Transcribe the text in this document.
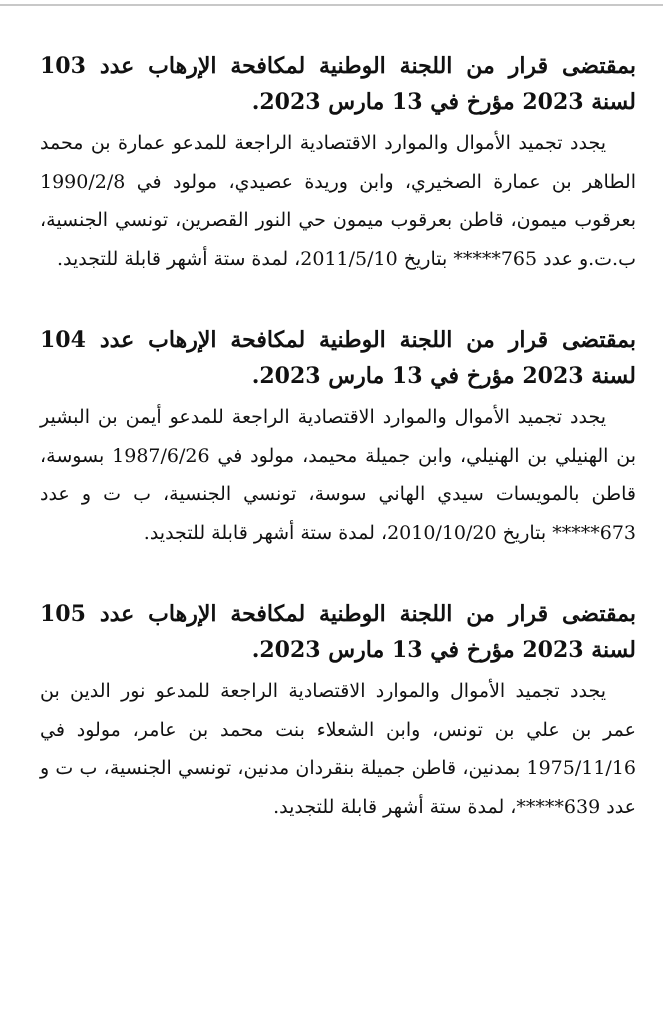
بمقتضى قرار من اللجنة الوطنية لمكافحة الإرهاب عدد 103 لسنة 2023 مؤرخ في 13 مارس 2023.

يجدد تجميد الأموال والموارد الاقتصادية الراجعة للمدعو عمارة بن محمد الطاهر بن عمارة الصخيري، وابن وريدة عصيدي، مولود في 1990/2/8 بعرقوب ميمون، قاطن بعرقوب ميمون حي النور القصرين، تونسي الجنسية، ب.ت.و عدد 765***** بتاريخ 2011/5/10، لمدة ستة أشهر قابلة للتجديد.

بمقتضى قرار من اللجنة الوطنية لمكافحة الإرهاب عدد 104 لسنة 2023 مؤرخ في 13 مارس 2023.

يجدد تجميد الأموال والموارد الاقتصادية الراجعة للمدعو أيمن بن البشير بن الهنيلي بن الهنيلي، وابن جميلة محيمد، مولود في 1987/6/26 بسوسة، قاطن بالمويسات سيدي الهاني سوسة، تونسي الجنسية، ب ت و عدد 673***** بتاريخ 2010/10/20، لمدة ستة أشهر قابلة للتجديد.

بمقتضى قرار من اللجنة الوطنية لمكافحة الإرهاب عدد 105 لسنة 2023 مؤرخ في 13 مارس 2023.

يجدد تجميد الأموال والموارد الاقتصادية الراجعة للمدعو نور الدين بن عمر بن علي بن تونس، وابن الشعلاء بنت محمد بن عامر، مولود في 1975/11/16 بمدنين، قاطن جميلة بنقردان مدنين، تونسي الجنسية، ب ت و عدد 639*****، لمدة ستة أشهر قابلة للتجديد.
